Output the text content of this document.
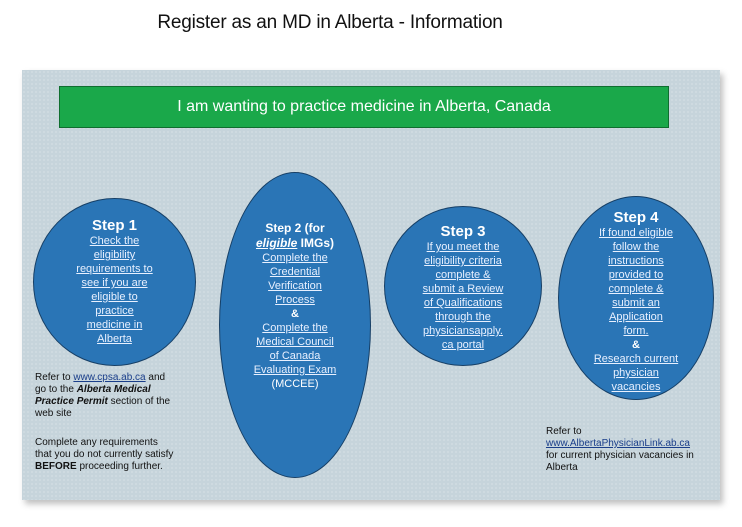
Register as an MD in Alberta - Information
I am wanting to practice medicine in Alberta, Canada
Step 1
Check the
eligibility
requirements to
see if you are
eligible to
practice
medicine in
Alberta
Step 2 (for
eligible IMGs)
Complete the
Credential
Verification
Process
&
Complete the
Medical Council
of Canada
Evaluating Exam
(MCCEE)
Step 3
If you meet the
eligibility criteria
complete &
submit a Review
of Qualifications
through the
physiciansapply.
ca portal
Step 4
If found eligible
follow the
instructions
provided to
complete &
submit an
Application
form.
&
Research current
physician
vacancies
Refer to www.cpsa.ab.ca and
go to the Alberta Medical
Practice Permit section of the
web site
Complete any requirements
that you do not currently satisfy
BEFORE proceeding further.
Refer to
www.AlbertaPhysicianLink.ab.ca
for current physician vacancies in
Alberta
